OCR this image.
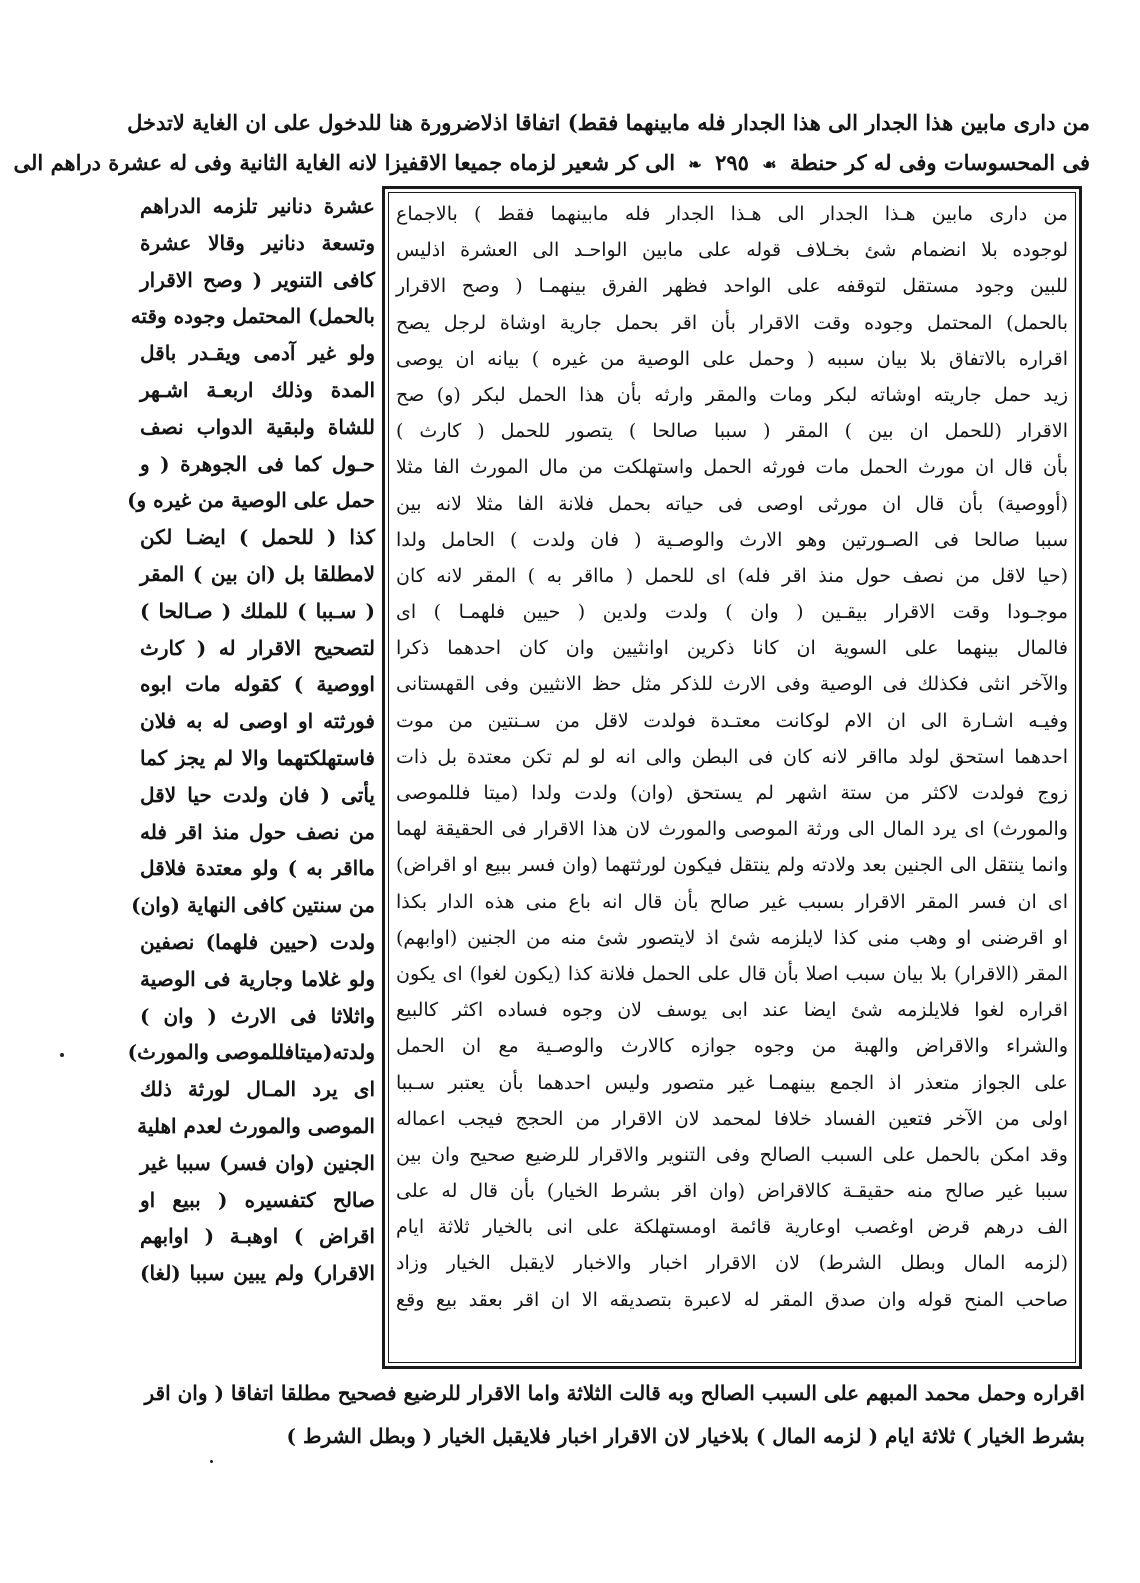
من دارى مابين هذا الجدار الى هذا الجدار فله مابينهما فقط) اتفاقا اذلاضرورة هنا للدخول على ان الغاية لاتدخل
فى المحسوسات وفى له كر حنطة ☙ ٢٩٥ ❧ الى كر شعير لزماه جميعا الاقفيزا لانه الغاية الثانية وفى له عشرة دراهم الى

من دارى مابين هـذا الجدار الى هـذا الجدار فله مابينهما فقط ) بالاجماع

لوجوده بلا انضمام شئ بخـلاف قوله على مابين الواحـد الى العشرة اذليس

للبين وجود مستقل لتوقفه على الواحد فظهر الفرق بينهمـا ( وصح الاقرار

بالحمل) المحتمل وجوده وقت الاقرار بأن اقر بحمل جارية اوشاة لرجل يصح

اقراره بالاتفاق بلا بيان سببه ( وحمل على الوصية من غيره ) بيانه ان يوصى

زيد حمل جاريته اوشاته لبكر ومات والمقر وارثه بأن هذا الحمل لبكر (و) صح

الاقرار (للحمل ان بين ) المقر ( سببا صالحا ) يتصور للحمل ( كارث )

بأن قال ان مورث الحمل مات فورثه الحمل واستهلكت من مال المورث الفا مثلا

(أووصية) بأن قال ان مورثى اوصى فى حياته بحمل فلانة الفا مثلا لانه بين

سببا صالحا فى الصـورتين وهو الارث والوصـية ( فان ولدت ) الحامل ولدا

(حيا لاقل من نصف حول منذ اقر فله) اى للحمل ( مااقر به ) المقر لانه كان

موجـودا وقت الاقرار بيقـين ( وان ) ولدت ولدين ( حيين فلهمـا ) اى

فالمال بينهما على السوية ان كانا ذكرين اوانثيين وان كان احدهما ذكرا

والآخر انثى فكذلك فى الوصية وفى الارث للذكر مثل حظ الانثيين وفى القهستانى

وفيـه اشـارة الى ان الام لوكانت معتـدة فولدت لاقل من سـنتين من موت

احدهما استحق لولد مااقر لانه كان فى البطن والى انه لو لم تكن معتدة بل ذات

زوج فولدت لاكثر من ستة اشهر لم يستحق (وان) ولدت ولدا (ميتا فللموصى

والمورث) اى يرد المال الى ورثة الموصى والمورث لان هذا الاقرار فى الحقيقة لهما

وانما ينتقل الى الجنين بعد ولادته ولم ينتقل فيكون لورثتهما (وان فسر ببيع او اقراض)

اى ان فسر المقر الاقرار بسبب غير صالح بأن قال انه باع منى هذه الدار بكذا

او اقرضنى او وهب منى كذا لايلزمه شئ اذ لايتصور شئ منه من الجنين (اوابهم)

المقر (الاقرار) بلا بيان سبب اصلا بأن قال على الحمل فلانة كذا (يكون لغوا) اى يكون

اقراره لغوا فلايلزمه شئ ايضا عند ابى يوسف لان وجوه فساده اكثر كالبيع

والشراء والاقراض والهبة من وجوه جوازه كالارث والوصـية مع ان الحمل

على الجواز متعذر اذ الجمع بينهمـا غير متصور وليس احدهما بأن يعتبر سـببا

اولى من الآخر فتعين الفساد خلافا لمحمد لان الاقرار من الحجج فيجب اعماله

وقد امكن بالحمل على السبب الصالح وفى التنوير والاقرار للرضيع صحيح وان بين

سببا غير صالح منه حقيقـة كالاقراض (وان اقر بشرط الخيار) بأن قال له على

الف درهم قرض اوغصب اوعارية قائمة اومستهلكة على انى بالخيار ثلاثة ايام

(لزمه المال وبطل الشرط) لان الاقرار اخبار والاخبار لايقبل الخيار وزاد

صاحب المنح قوله وان صدق المقر له لاعبرة بتصديقه الا ان اقر بعقد بيع وقع

عشرة دنانير تلزمه الدراهم

وتسعة دنانير وقالا عشرة

كافى التنوير ( وصح الاقرار

بالحمل) المحتمل وجوده وقته

ولو غير آدمى ويقـدر باقل

المدة وذلك اربعـة اشـهر

للشاة ولبقية الدواب نصف

حـول كما فى الجوهرة ( و

حمل على الوصية من غيره و)

كذا ( للحمل ) ايضـا لكن

لامطلقا بل (ان بين ) المقر

( سـببا ) للملك ( صـالحا )

لتصحيح الاقرار له ( كارث

اووصية ) كقوله مات ابوه

فورثته او اوصى له به فلان

فاستهلكتهما والا لم يجز كما

يأتى ( فان ولدت حيا لاقل

من نصف حول منذ اقر فله

مااقر به ) ولو معتدة فلاقل

من سنتين كافى النهاية (وان)

ولدت (حيين فلهما) نصفين

ولو غلاما وجارية فى الوصية

واثلاثا فى الارث ( وان )

ولدته(ميتافللموصى والمورث)

اى يرد المـال لورثة ذلك

الموصى والمورث لعدم اهلية

الجنين (وان فسر) سببا غير

صالح كتفسيره ( ببيع او

اقراض ) اوهبـة ( اوابهم

الاقرار) ولم يبين سببا (لغا)

اقراره وحمل محمد المبهم على السبب الصالح وبه قالت الثلاثة واما الاقرار للرضيع فصحيح مطلقا اتفاقا ( وان اقر

بشرط الخيار ) ثلاثة ايام ( لزمه المال ) بلاخيار لان الاقرار اخبار فلايقبل الخيار ( وبطل الشرط )
